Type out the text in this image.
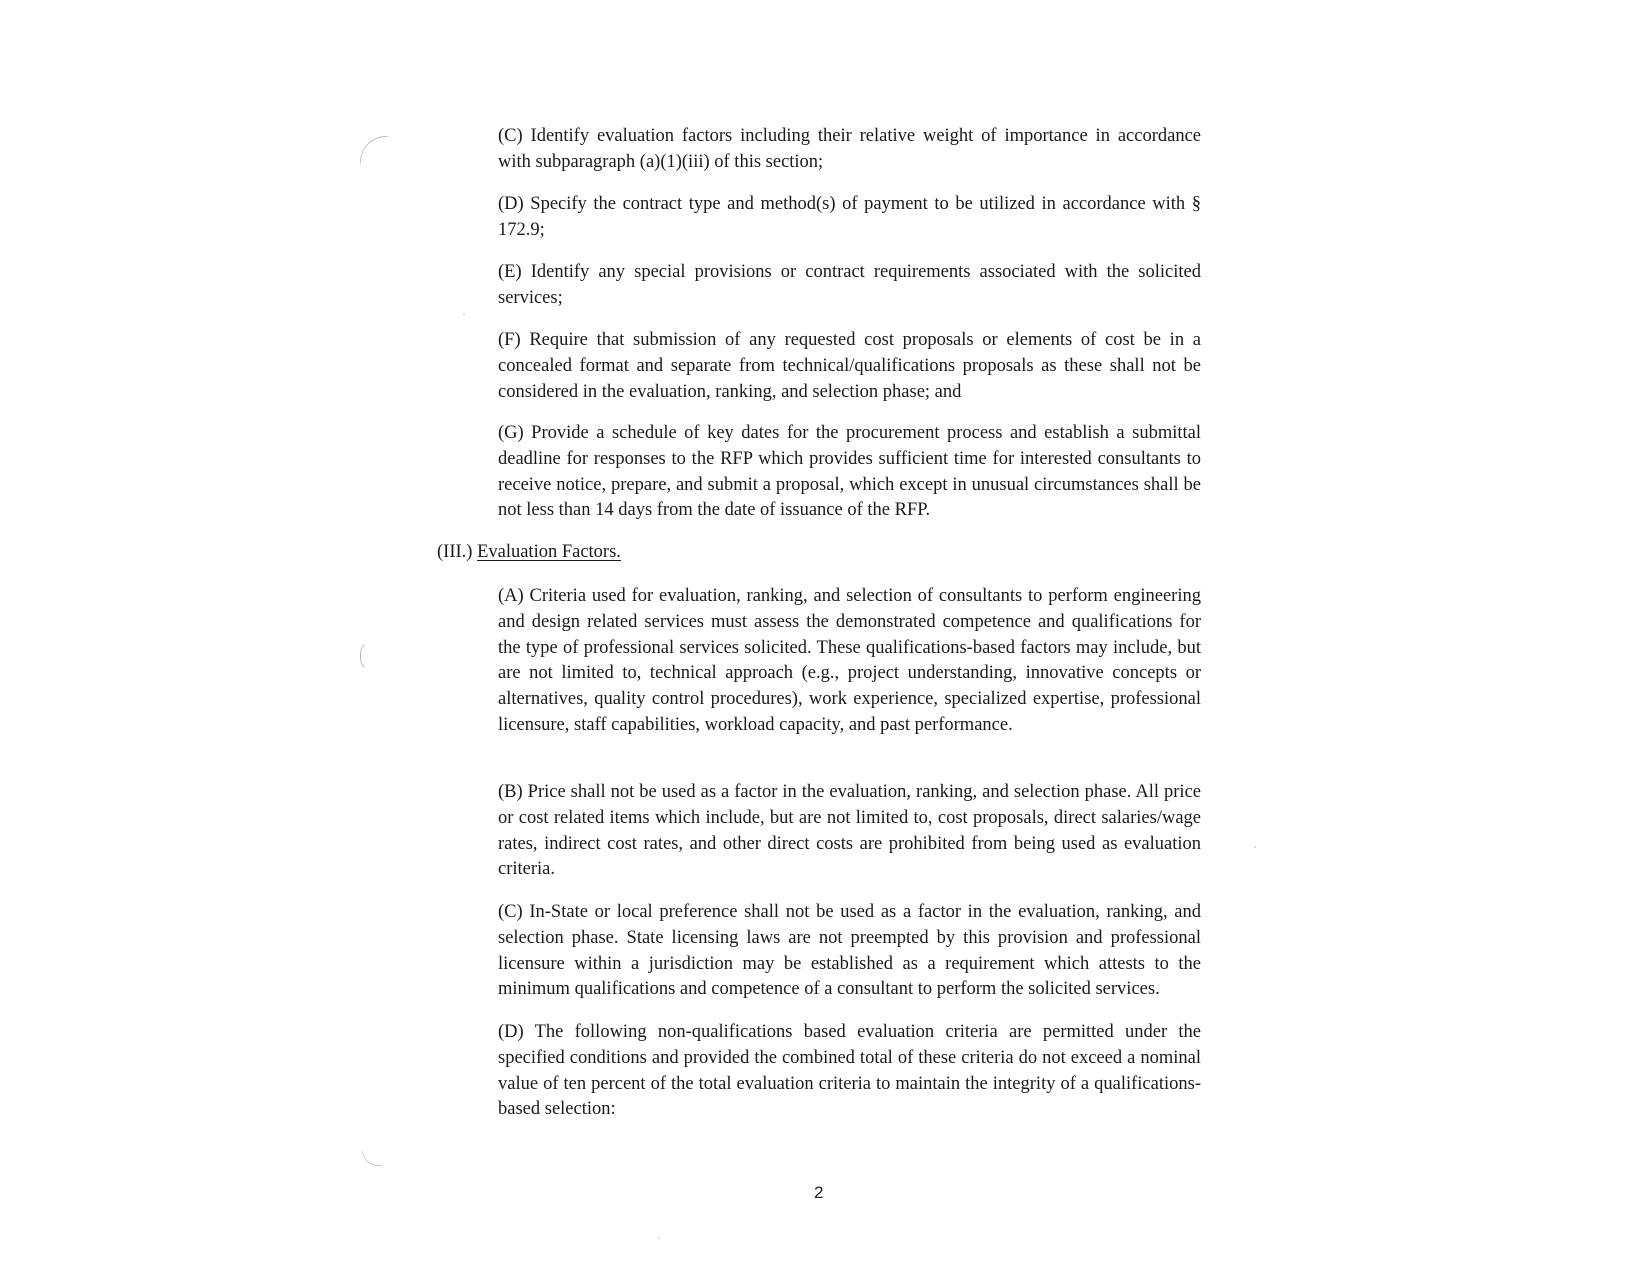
(C) Identify evaluation factors including their relative weight of importance in accordance with subparagraph (a)(1)(iii) of this section;

(D) Specify the contract type and method(s) of payment to be utilized in accordance with § 172.9;

(E) Identify any special provisions or contract requirements associated with the solicited services;

(F) Require that submission of any requested cost proposals or elements of cost be in a concealed format and separate from technical/qualifications proposals as these shall not be considered in the evaluation, ranking, and selection phase; and

(G) Provide a schedule of key dates for the procurement process and establish a submittal deadline for responses to the RFP which provides sufficient time for interested consultants to receive notice, prepare, and submit a proposal, which except in unusual circumstances shall be not less than 14 days from the date of issuance of the RFP.

(III.) Evaluation Factors.

(A) Criteria used for evaluation, ranking, and selection of consultants to perform engineering and design related services must assess the demonstrated competence and qualifications for the type of professional services solicited. These qualifications-based factors may include, but are not limited to, technical approach (e.g., project understanding, innovative concepts or alternatives, quality control procedures), work experience, specialized expertise, professional licensure, staff capabilities, workload capacity, and past performance.

(B) Price shall not be used as a factor in the evaluation, ranking, and selection phase. All price or cost related items which include, but are not limited to, cost proposals, direct salaries/wage rates, indirect cost rates, and other direct costs are prohibited from being used as evaluation criteria.

(C) In-State or local preference shall not be used as a factor in the evaluation, ranking, and selection phase. State licensing laws are not preempted by this provision and professional licensure within a jurisdiction may be established as a requirement which attests to the minimum qualifications and competence of a consultant to perform the solicited services.

(D) The following non-qualifications based evaluation criteria are permitted under the specified conditions and provided the combined total of these criteria do not exceed a nominal value of ten percent of the total evaluation criteria to maintain the integrity of a qualifications-based selection:

2
